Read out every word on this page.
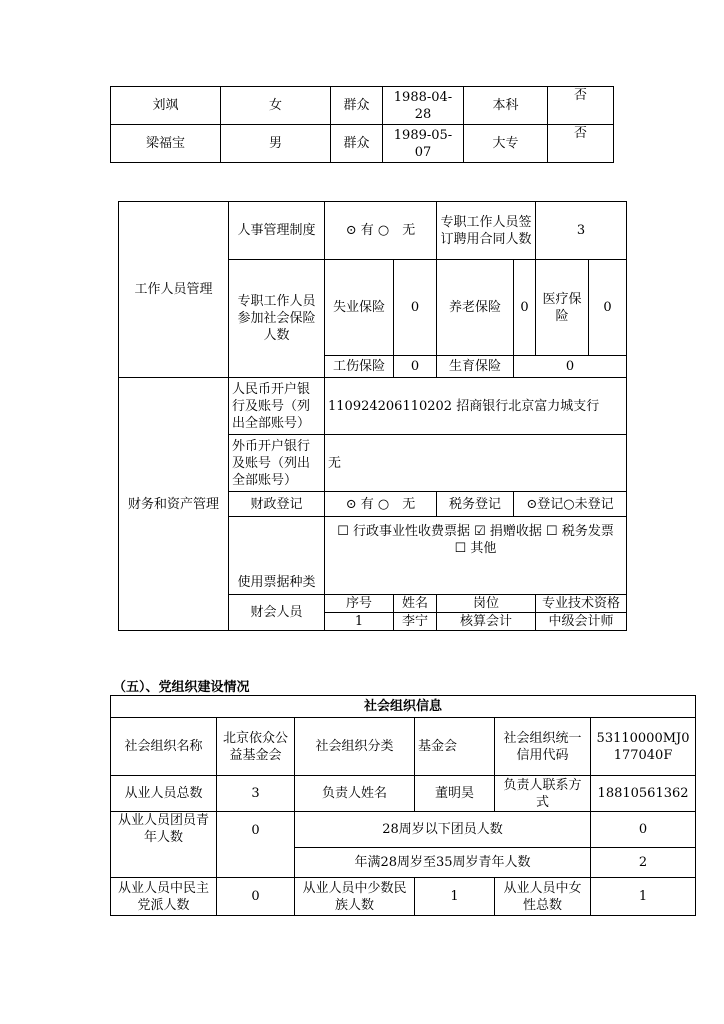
刘飒	女	群众	1988-04-28	本科	否
梁福宝	男	群众	1989-05-07	大专	否
工作人员管理	人事管理制度	⊙ 有 ○　无		专职工作人员签订聘用合同人数		3	
	专职工作人员参加社会保险人数	失业保险	0	养老保险	0	医疗保险	0
		工伤保险	0	生育保险	0		
财务和资产管理	人民币开户银行及账号（列出全部账号）	110924206110202 招商银行北京富力城支行					
	外币开户银行及账号（列出全部账号）	无					
	财政登记	⊙ 有 ○　无		税务登记	⊙登记○未登记		
	使用票据种类	☐ 行政事业性收费票据 ☑ 捐赠收据 ☐ 税务发票 ☐ 其他					
	财会人员	序号	姓名	岗位		专业技术资格	
		1	李宁	核算会计		中级会计师	
（五）、党组织建设情况
社会组织信息					
社会组织名称	北京依众公益基金会	社会组织分类	基金会	社会组织统一信用代码	53110000MJ0177040F
从业人员总数	3	负责人姓名	董明昊	负责人联系方式	18810561362
从业人员团员青年人数	0	28周岁以下团员人数			0
		年满28周岁至35周岁青年人数			2
从业人员中民主党派人数	0	从业人员中少数民族人数	1	从业人员中女性总数	1
